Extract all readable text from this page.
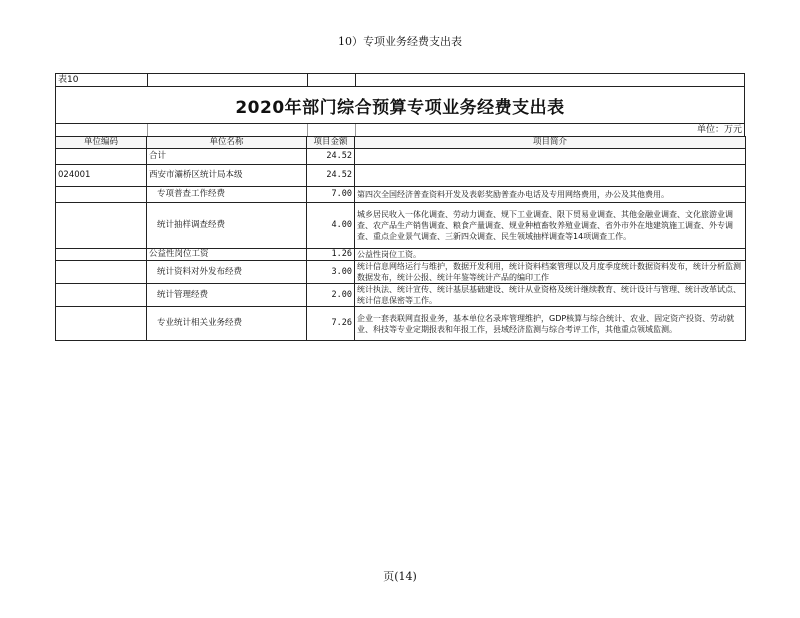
10）专项业务经费支出表
表10
2020年部门综合预算专项业务经费支出表
单位：万元
单位编码	单位名称	项目金额	项目简介
	合计	24.52	
024001	西安市灞桥区统计局本级	24.52	
	专项普查工作经费	7.00	第四次全国经济普查资料开发及表彰奖励普查办电话及专用网络费用，办公及其他费用。
	统计抽样调查经费	4.00	城乡居民收入一体化调查、劳动力调查、规下工业调查、限下贸易业调查、其他金融业调查、文化旅游业调查、农产品生产销售调查、粮食产量调查、规业种植畜牧养殖业调查、省外市外在地建筑施工调查、外专调查、重点企业景气调查、三新四众调查、民生领域抽样调查等14项调查工作。
	公益性岗位工资	1.26	公益性岗位工资。
	统计资料对外发布经费	3.00	统计信息网络运行与维护，数据开发利用，统计资料档案管理以及月度季度统计数据资料发布，统计分析监测数据发布，统计公报、统计年鉴等统计产品的编印工作
	统计管理经费	2.00	统计执法、统计宣传、统计基层基础建设、统计从业资格及统计继续教育、统计设计与管理、统计改革试点、统计信息保密等工作。
	专业统计相关业务经费	7.26	企业一套表联网直报业务，基本单位名录库管理维护，GDP核算与综合统计、农业、固定资产投资、劳动就业、科技等专业定期报表和年报工作，县域经济监测与综合考评工作，其他重点领域监测。
页(14)
